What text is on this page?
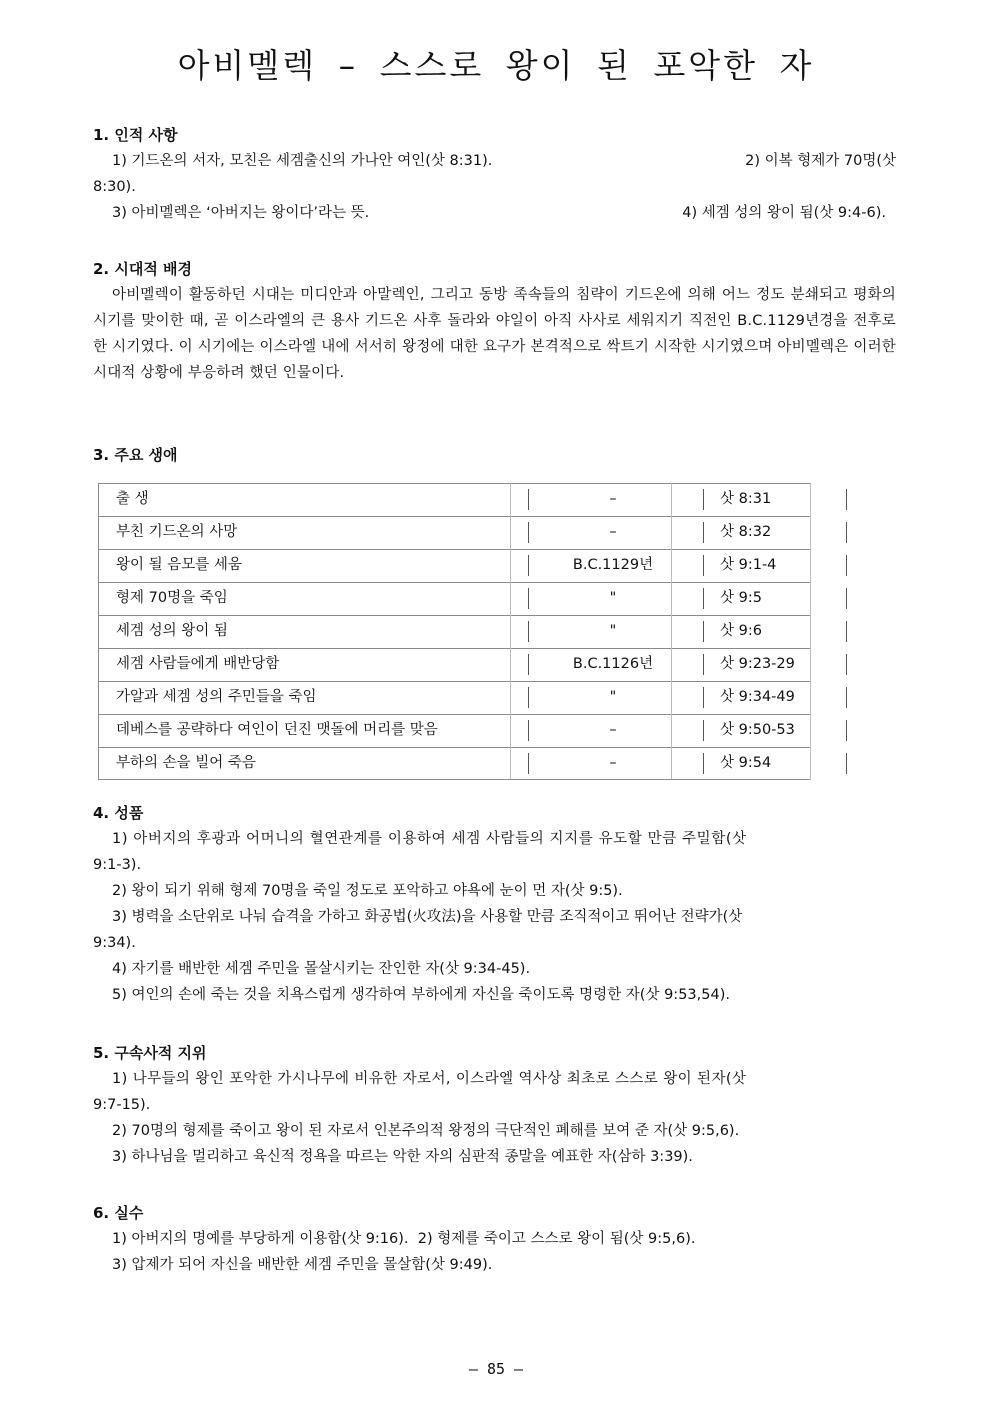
아비멜렉 – 스스로 왕이 된 포악한 자
1. 인적 사항
1) 기드온의 서자, 모친은 세겜출신의 가나안 여인(삿 8:31).	2) 이복 형제가 70명(삿
8:30).
3) 아비멜렉은 ‘아버지는 왕이다’라는 뜻.	4) 세겜 성의 왕이 됨(삿 9:4-6).
2. 시대적 배경
아비멜렉이 활동하던 시대는 미디안과 아말렉인, 그리고 동방 족속들의 침략이 기드온에 의해 어느 정도 분쇄되고 평화의 시기를 맞이한 때, 곧 이스라엘의 큰 용사 기드온 사후 돌라와 야일이 아직 사사로 세워지기 직전인 B.C.1129년경을 전후로 한 시기였다. 이 시기에는 이스라엘 내에 서서히 왕정에 대한 요구가 본격적으로 싹트기 시작한 시기였으며 아비멜렉은 이러한 시대적 상황에 부응하려 했던 인물이다.
3. 주요 생애
출 생	–	삿 8:31
부친 기드온의 사망	–	삿 8:32
왕이 될 음모를 세움	B.C.1129년	삿 9:1-4
형제 70명을 죽임	"	삿 9:5
세겜 성의 왕이 됨	"	삿 9:6
세겜 사람들에게 배반당함	B.C.1126년	삿 9:23-29
가알과 세겜 성의 주민들을 죽임	"	삿 9:34-49
데베스를 공략하다 여인이 던진 맷돌에 머리를 맞음	–	삿 9:50-53
부하의 손을 빌어 죽음	–	삿 9:54
4. 성품
1) 아버지의 후광과 어머니의 혈연관계를 이용하여 세겜 사람들의 지지를 유도할 만큼 주밀함(삿
9:1-3).
2) 왕이 되기 위해 형제 70명을 죽일 정도로 포악하고 야욕에 눈이 먼 자(삿 9:5).
3) 병력을 소단위로 나눠 습격을 가하고 화공법(火攻法)을 사용할 만큼 조직적이고 뛰어난 전략가(삿
9:34).
4) 자기를 배반한 세겜 주민을 몰살시키는 잔인한 자(삿 9:34-45).
5) 여인의 손에 죽는 것을 치욕스럽게 생각하여 부하에게 자신을 죽이도록 명령한 자(삿 9:53,54).
5. 구속사적 지위
1) 나무들의 왕인 포악한 가시나무에 비유한 자로서, 이스라엘 역사상 최초로 스스로 왕이 된자(삿
9:7-15).
2) 70명의 형제를 죽이고 왕이 된 자로서 인본주의적 왕정의 극단적인 폐해를 보여 준 자(삿 9:5,6).
3) 하나님을 멀리하고 육신적 정욕을 따르는 악한 자의 심판적 종말을 예표한 자(삼하 3:39).
6. 실수
1) 아버지의 명예를 부당하게 이용함(삿 9:16).  2) 형제를 죽이고 스스로 왕이 됨(삿 9:5,6).
3) 압제가 되어 자신을 배반한 세겜 주민을 몰살함(삿 9:49).
– 85 –
